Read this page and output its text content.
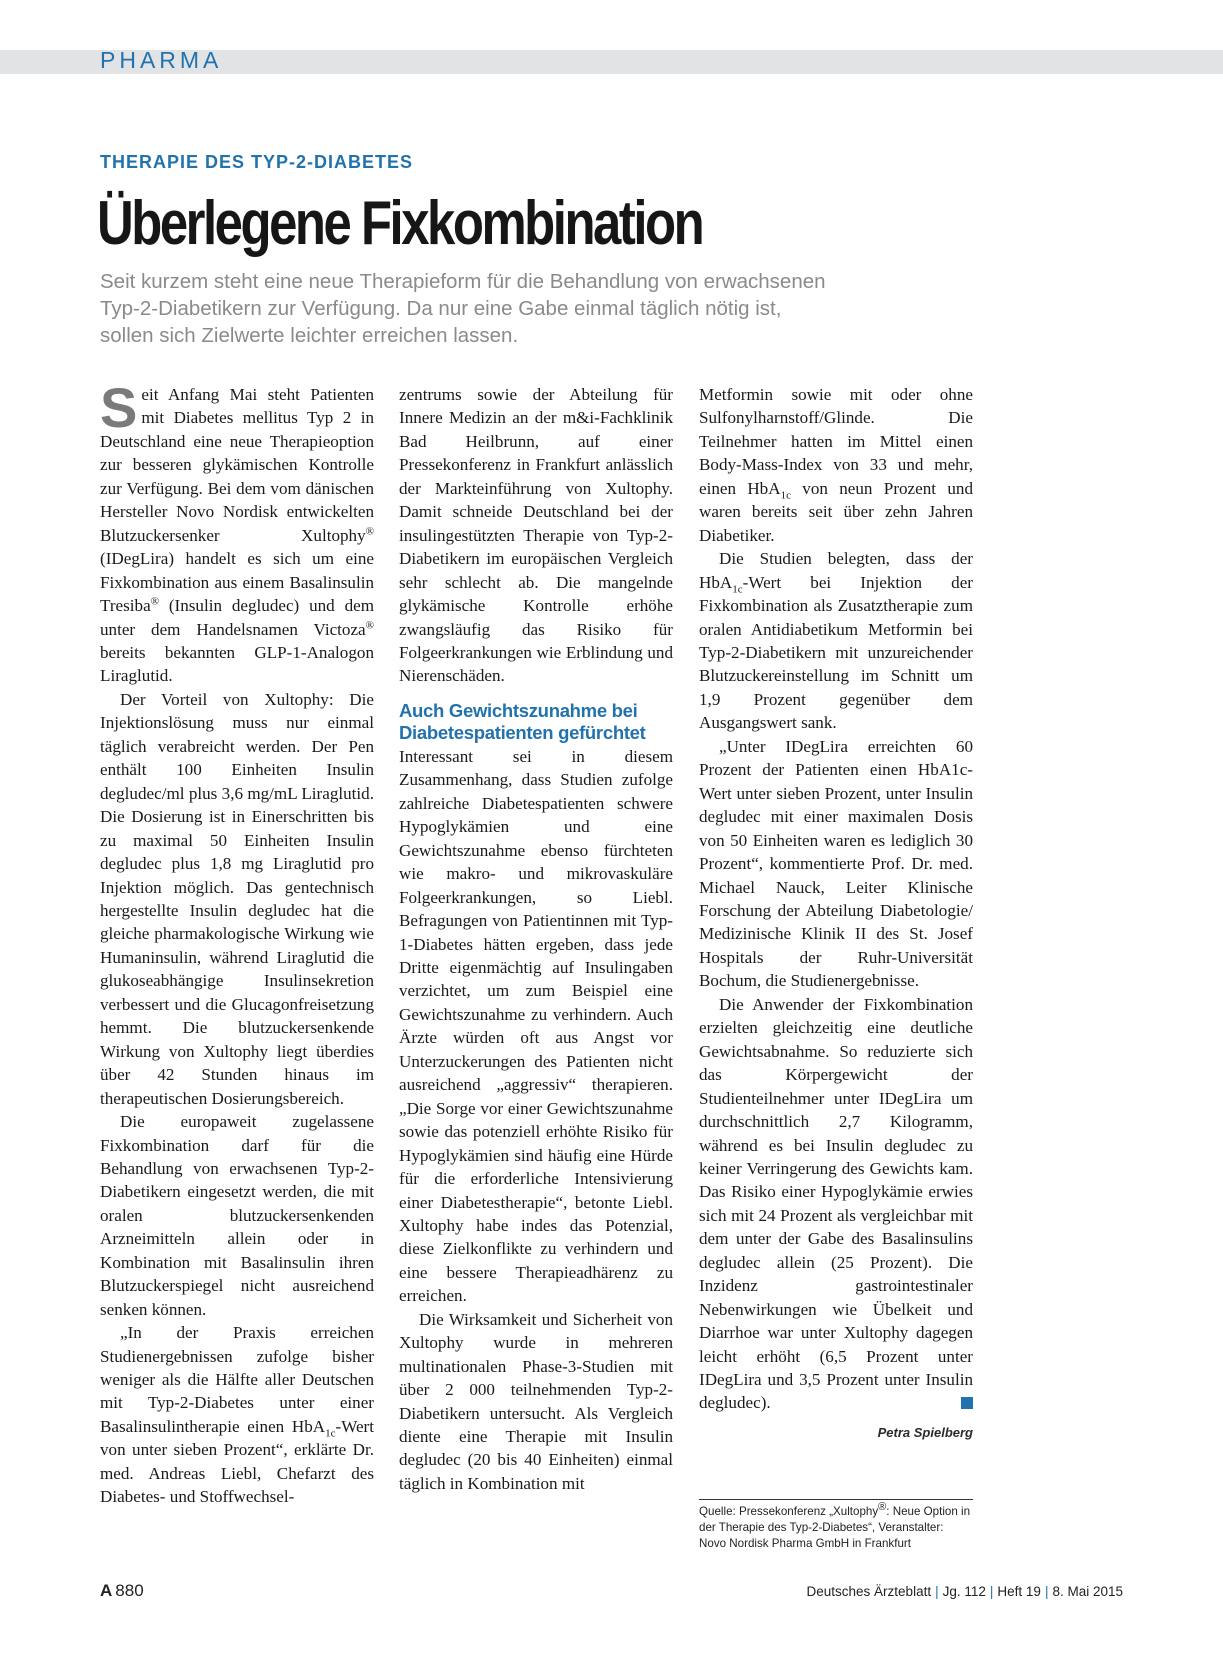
PHARMA
THERAPIE DES TYP-2-DIABETES
Überlegene Fixkombination
Seit kurzem steht eine neue Therapieform für die Behandlung von erwachsenen
Typ-2-Diabetikern zur Verfügung. Da nur eine Gabe einmal täglich nötig ist,
sollen sich Zielwerte leichter erreichen lassen.

Seit Anfang Mai steht Patienten mit Diabetes mellitus Typ 2 in Deutschland eine neue Therapieoption zur besseren glykämischen Kontrolle zur Verfügung. Bei dem vom dänischen Hersteller Novo Nordisk entwickelten Blutzuckersenker Xultophy® (IDegLira) handelt es sich um eine Fixkombination aus einem Basalinsulin Tresiba® (Insulin degludec) und dem unter dem Handelsnamen Victoza® bereits bekannten GLP-1-Analogon Liraglutid.

Der Vorteil von Xultophy: Die Injektionslösung muss nur einmal täglich verabreicht werden. Der Pen enthält 100 Einheiten Insulin degludec/ml plus 3,6 mg/mL Liraglutid. Die Dosierung ist in Einerschritten bis zu maximal 50 Einheiten Insulin degludec plus 1,8 mg Liraglutid pro Injektion möglich. Das gentechnisch hergestellte Insulin degludec hat die gleiche pharmakologische Wirkung wie Humaninsulin, während Liraglutid die glukoseabhängige Insulinsekretion verbessert und die Glucagonfreisetzung hemmt. Die blutzuckersenkende Wirkung von Xultophy liegt überdies über 42 Stunden hinaus im therapeutischen Dosierungsbereich.

Die europaweit zugelassene Fixkombination darf für die Behandlung von erwachsenen Typ-2-Diabetikern eingesetzt werden, die mit oralen blutzuckersenkenden Arzneimitteln allein oder in Kombination mit Basalinsulin ihren Blutzuckerspiegel nicht ausreichend senken können.

„In der Praxis erreichen Studienergebnissen zufolge bisher weniger als die Hälfte aller Deutschen mit Typ-2-Diabetes unter einer Basalinsulintherapie einen HbA$_{1c}$-Wert von unter sieben Prozent“, erklärte Dr. med. Andreas Liebl, Chefarzt des Diabetes- und Stoffwechsel-

zentrums sowie der Abteilung für Innere Medizin an der m&i-Fachklinik Bad Heilbrunn, auf einer Pressekonferenz in Frankfurt anlässlich der Markteinführung von Xultophy. Damit schneide Deutschland bei der insulingestützten Therapie von Typ-2-Diabetikern im europäischen Vergleich sehr schlecht ab. Die mangelnde glykämische Kontrolle erhöhe zwangsläufig das Risiko für Folgeerkrankungen wie Erblindung und Nierenschäden.

Auch Gewichtszunahme bei Diabetespatienten gefürchtet

Interessant sei in diesem Zusammenhang, dass Studien zufolge zahlreiche Diabetespatienten schwere Hypoglykämien und eine Gewichtszunahme ebenso fürchteten wie makro- und mikrovaskuläre Folgeerkrankungen, so Liebl. Befragungen von Patientinnen mit Typ-1-Diabetes hätten ergeben, dass jede Dritte eigenmächtig auf Insulingaben verzichtet, um zum Beispiel eine Gewichtszunahme zu verhindern. Auch Ärzte würden oft aus Angst vor Unterzuckerungen des Patienten nicht ausreichend „aggressiv“ therapieren. „Die Sorge vor einer Gewichtszunahme sowie das potenziell erhöhte Risiko für Hypoglykämien sind häufig eine Hürde für die erforderliche Intensivierung einer Diabetestherapie“, betonte Liebl. Xultophy habe indes das Potenzial, diese Zielkonflikte zu verhindern und eine bessere Therapieadhärenz zu erreichen.

Die Wirksamkeit und Sicherheit von Xultophy wurde in mehreren multinationalen Phase-3-Studien mit über 2 000 teilnehmenden Typ-2-Diabetikern untersucht. Als Vergleich diente eine Therapie mit Insulin degludec (20 bis 40 Einheiten) einmal täglich in Kombination mit

Metformin sowie mit oder ohne Sulfonylharnstoff/Glinde. Die Teilnehmer hatten im Mittel einen Body-Mass-Index von 33 und mehr, einen HbA$_{1c}$ von neun Prozent und waren bereits seit über zehn Jahren Diabetiker.

Die Studien belegten, dass der HbA$_{1c}$-Wert bei Injektion der Fixkombination als Zusatztherapie zum oralen Antidiabetikum Metformin bei Typ-2-Diabetikern mit unzureichender Blutzuckereinstellung im Schnitt um 1,9 Prozent gegenüber dem Ausgangswert sank.

„Unter IDegLira erreichten 60 Prozent der Patienten einen HbA1c-Wert unter sieben Prozent, unter Insulin degludec mit einer maximalen Dosis von 50 Einheiten waren es lediglich 30 Prozent“, kommentierte Prof. Dr. med. Michael Nauck, Leiter Klinische Forschung der Abteilung Diabetologie/ Medizinische Klinik II des St. Josef Hospitals der Ruhr-Universität Bochum, die Studienergebnisse.

Die Anwender der Fixkombination erzielten gleichzeitig eine deutliche Gewichtsabnahme. So reduzierte sich das Körpergewicht der Studienteilnehmer unter IDegLira um durchschnittlich 2,7 Kilogramm, während es bei Insulin degludec zu keiner Verringerung des Gewichts kam. Das Risiko einer Hypoglykämie erwies sich mit 24 Prozent als vergleichbar mit dem unter der Gabe des Basalinsulins degludec allein (25 Prozent). Die Inzidenz gastrointestinaler Nebenwirkungen wie Übelkeit und Diarrhoe war unter Xultophy dagegen leicht erhöht (6,5 Prozent unter IDegLira und 3,5 Prozent unter Insulin degludec).

Petra Spielberg
Quelle: Pressekonferenz „Xultophy®: Neue Option in der Therapie des Typ-2-Diabetes“, Veranstalter: Novo Nordisk Pharma GmbH in Frankfurt
A 880	Deutsches Ärzteblatt | Jg. 112 | Heft 19 | 8. Mai 2015
